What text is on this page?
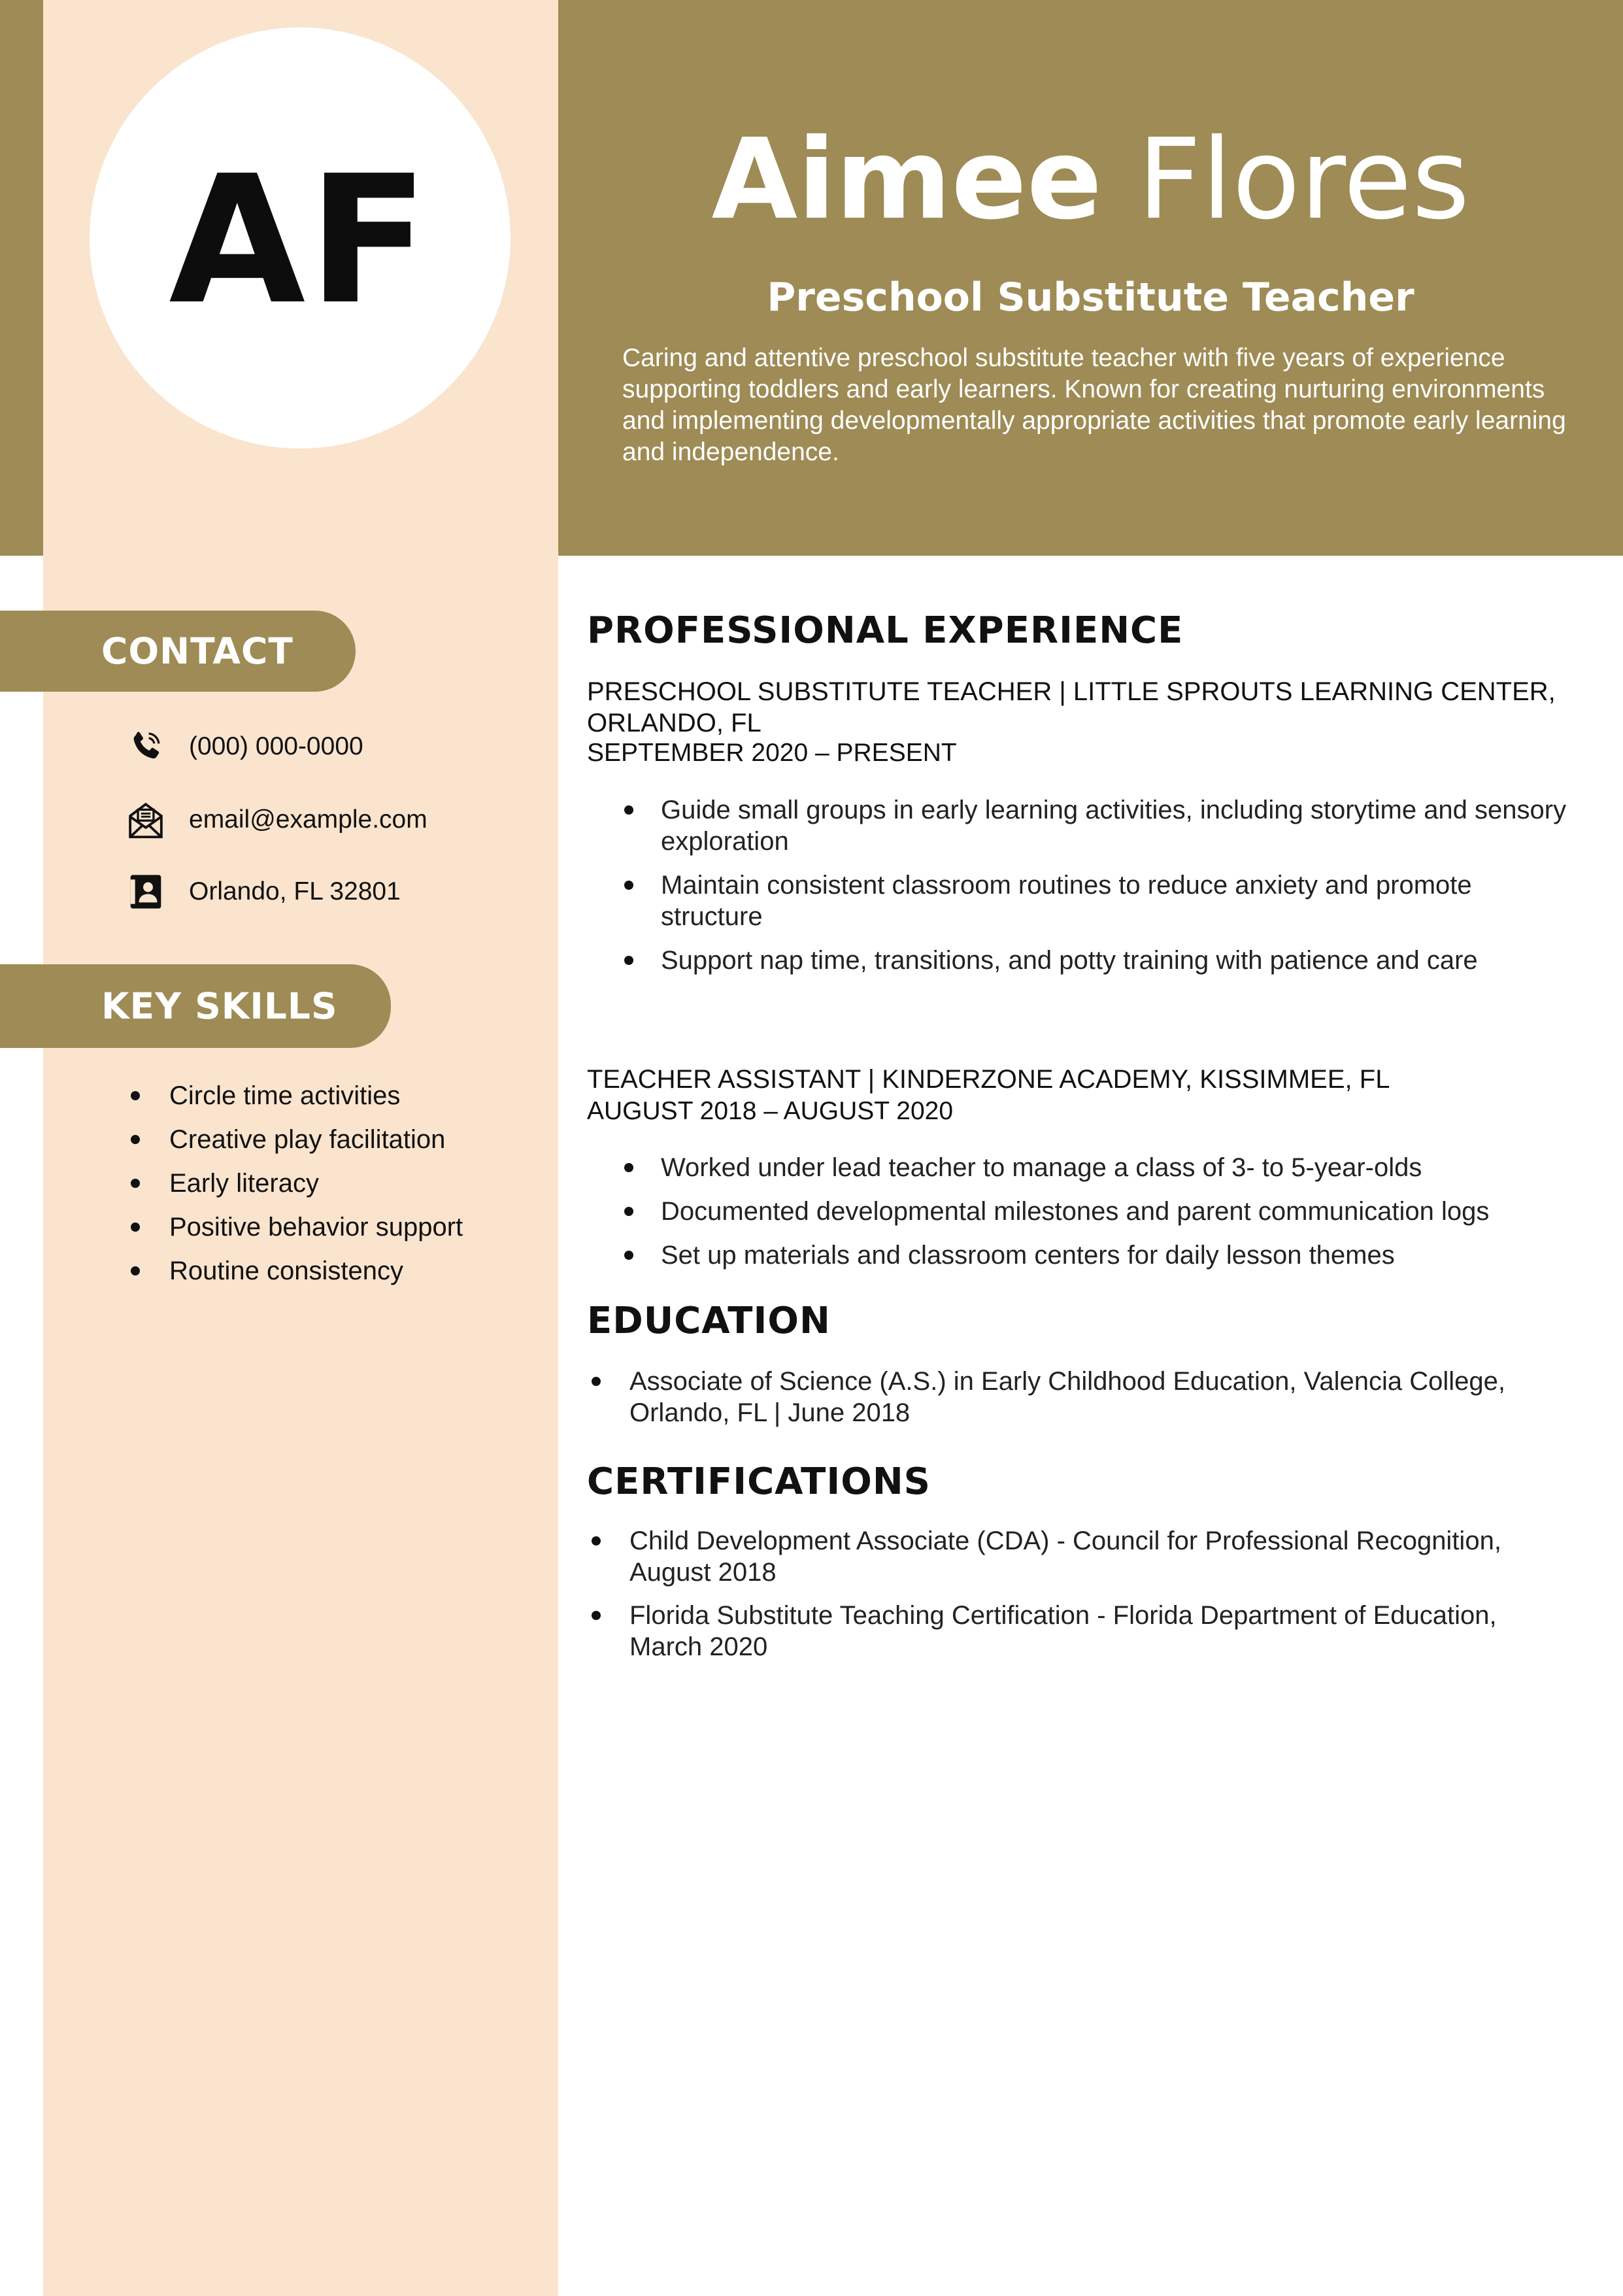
AF	Aimee Flores
Preschool Substitute Teacher
Caring and attentive preschool substitute teacher with five years of experience supporting toddlers and early learners. Known for creating nurturing environments and implementing developmentally appropriate activities that promote early learning and independence.
CONTACT
(000) 000-0000
email@example.com
Orlando, FL 32801
KEY SKILLS
Circle time activities
Creative play facilitation
Early literacy
Positive behavior support
Routine consistency
PROFESSIONAL EXPERIENCE
PRESCHOOL SUBSTITUTE TEACHER | LITTLE SPROUTS LEARNING CENTER, ORLANDO, FL
SEPTEMBER 2020 – PRESENT
Guide small groups in early learning activities, including storytime and sensory exploration
Maintain consistent classroom routines to reduce anxiety and promote structure
Support nap time, transitions, and potty training with patience and care
TEACHER ASSISTANT | KINDERZONE ACADEMY, KISSIMMEE, FL
AUGUST 2018 – AUGUST 2020
Worked under lead teacher to manage a class of 3- to 5-year-olds
Documented developmental milestones and parent communication logs
Set up materials and classroom centers for daily lesson themes
EDUCATION
Associate of Science (A.S.) in Early Childhood Education, Valencia College, Orlando, FL | June 2018
CERTIFICATIONS
Child Development Associate (CDA) - Council for Professional Recognition, August 2018
Florida Substitute Teaching Certification - Florida Department of Education, March 2020
